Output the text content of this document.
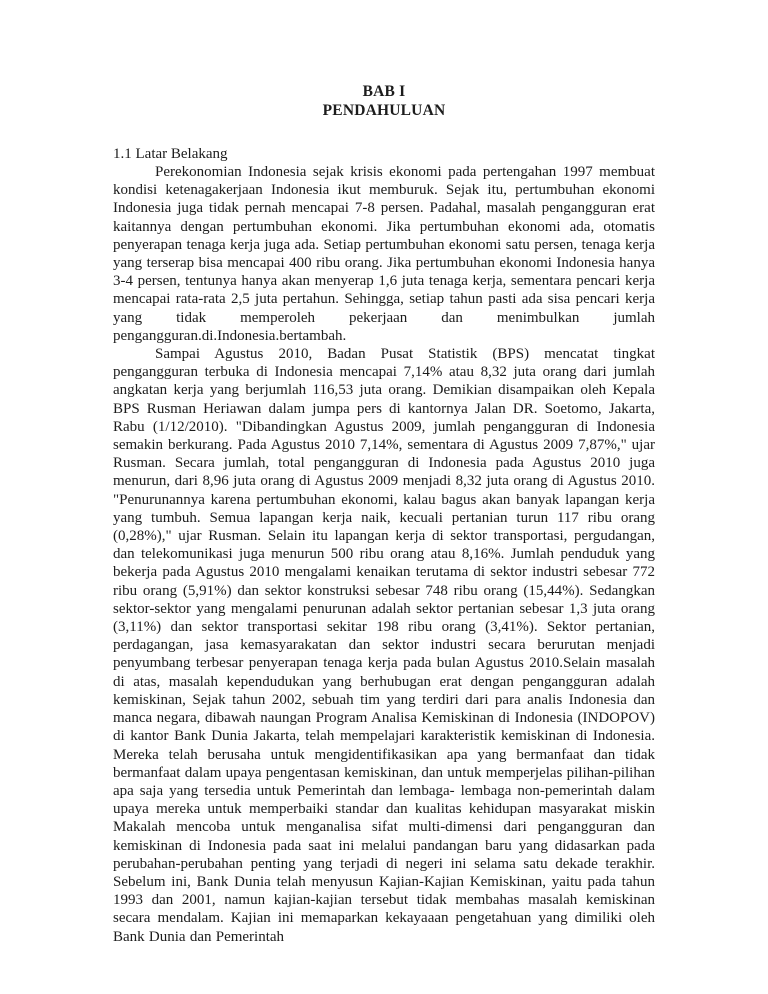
BAB I
PENDAHULUAN
1.1 Latar Belakang

Perekonomian Indonesia sejak krisis ekonomi pada pertengahan 1997 membuat kondisi ketenagakerjaan Indonesia ikut memburuk. Sejak itu, pertumbuhan ekonomi Indonesia juga tidak pernah mencapai 7-8 persen. Padahal, masalah pengangguran erat kaitannya dengan pertumbuhan ekonomi. Jika pertumbuhan ekonomi ada, otomatis penyerapan tenaga kerja juga ada. Setiap pertumbuhan ekonomi satu persen, tenaga kerja yang terserap bisa mencapai 400 ribu orang. Jika pertumbuhan ekonomi Indonesia hanya 3-4 persen, tentunya hanya akan menyerap 1,6 juta tenaga kerja, sementara pencari kerja mencapai rata-rata 2,5 juta pertahun. Sehingga, setiap tahun pasti ada sisa pencari kerja yang tidak memperoleh pekerjaan dan menimbulkan jumlah pengangguran.di.Indonesia.bertambah.

Sampai Agustus 2010, Badan Pusat Statistik (BPS) mencatat tingkat pengangguran terbuka di Indonesia mencapai 7,14% atau 8,32 juta orang dari jumlah angkatan kerja yang berjumlah 116,53 juta orang. Demikian disampaikan oleh Kepala BPS Rusman Heriawan dalam jumpa pers di kantornya Jalan DR. Soetomo, Jakarta, Rabu (1/12/2010). "Dibandingkan Agustus 2009, jumlah pengangguran di Indonesia semakin berkurang. Pada Agustus 2010 7,14%, sementara di Agustus 2009 7,87%," ujar Rusman. Secara jumlah, total pengangguran di Indonesia pada Agustus 2010 juga menurun, dari 8,96 juta orang di Agustus 2009 menjadi 8,32 juta orang di Agustus 2010. "Penurunannya karena pertumbuhan ekonomi, kalau bagus akan banyak lapangan kerja yang tumbuh. Semua lapangan kerja naik, kecuali pertanian turun 117 ribu orang (0,28%)," ujar Rusman. Selain itu lapangan kerja di sektor transportasi, pergudangan, dan telekomunikasi juga menurun 500 ribu orang atau 8,16%. Jumlah penduduk yang bekerja pada Agustus 2010 mengalami kenaikan terutama di sektor industri sebesar 772 ribu orang (5,91%) dan sektor konstruksi sebesar 748 ribu orang (15,44%). Sedangkan sektor-sektor yang mengalami penurunan adalah sektor pertanian sebesar 1,3 juta orang (3,11%) dan sektor transportasi sekitar 198 ribu orang (3,41%). Sektor pertanian, perdagangan, jasa kemasyarakatan dan sektor industri secara berurutan menjadi penyumbang terbesar penyerapan tenaga kerja pada bulan Agustus 2010.Selain masalah di atas, masalah kependudukan yang berhubugan erat dengan pengangguran adalah kemiskinan, Sejak tahun 2002, sebuah tim yang terdiri dari para analis Indonesia dan manca negara, dibawah naungan Program Analisa Kemiskinan di Indonesia (INDOPOV) di kantor Bank Dunia Jakarta, telah mempelajari karakteristik kemiskinan di Indonesia. Mereka telah berusaha untuk mengidentifikasikan apa yang bermanfaat dan tidak bermanfaat dalam upaya pengentasan kemiskinan, dan untuk memperjelas pilihan-pilihan apa saja yang tersedia untuk Pemerintah dan lembaga- lembaga non-pemerintah dalam upaya mereka untuk memperbaiki standar dan kualitas kehidupan masyarakat miskin Makalah mencoba untuk menganalisa sifat multi-dimensi dari pengangguran dan kemiskinan di Indonesia pada saat ini melalui pandangan baru yang didasarkan pada perubahan-perubahan penting yang terjadi di negeri ini selama satu dekade terakhir. Sebelum ini, Bank Dunia telah menyusun Kajian-Kajian Kemiskinan, yaitu pada tahun 1993 dan 2001, namun kajian-kajian tersebut tidak membahas masalah kemiskinan secara mendalam. Kajian ini memaparkan kekayaaan pengetahuan yang dimiliki oleh Bank Dunia dan Pemerintah
